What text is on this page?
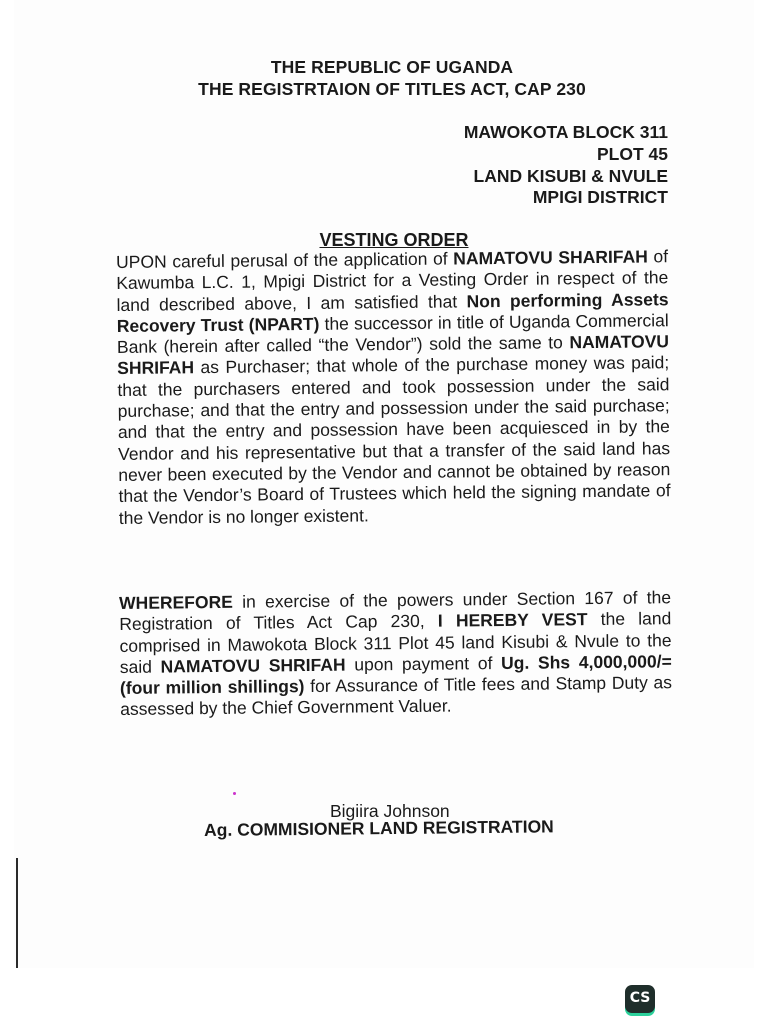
THE REPUBLIC OF UGANDA
THE REGISTRTAION OF TITLES ACT, CAP 230
MAWOKOTA BLOCK 311
PLOT 45
LAND KISUBI & NVULE
MPIGI DISTRICT
VESTING ORDER
UPON careful perusal of the application of NAMATOVU SHARIFAH of Kawumba L.C. 1, Mpigi District for a Vesting Order in respect of the land described above, I am satisfied that Non performing Assets Recovery Trust (NPART) the successor in title of Uganda Commercial Bank (herein after called “the Vendor”) sold the same to NAMATOVU SHRIFAH as Purchaser; that whole of the purchase money was paid; that the purchasers entered and took possession under the said purchase; and that the entry and possession under the said purchase; and that the entry and possession have been acquiesced in by the Vendor and his representative but that a transfer of the said land has never been executed by the Vendor and cannot be obtained by reason that the Vendor’s Board of Trustees which held the signing mandate of the Vendor is no longer existent.
WHEREFORE in exercise of the powers under Section 167 of the Registration of Titles Act Cap 230, I HEREBY VEST the land comprised in Mawokota Block 311 Plot 45 land Kisubi & Nvule to the said NAMATOVU SHRIFAH upon payment of Ug. Shs 4,000,000/= (four million shillings) for Assurance of Title fees and Stamp Duty as assessed by the Chief Government Valuer.
Bigiira Johnson
Ag. COMMISIONER LAND REGISTRATION
CS
